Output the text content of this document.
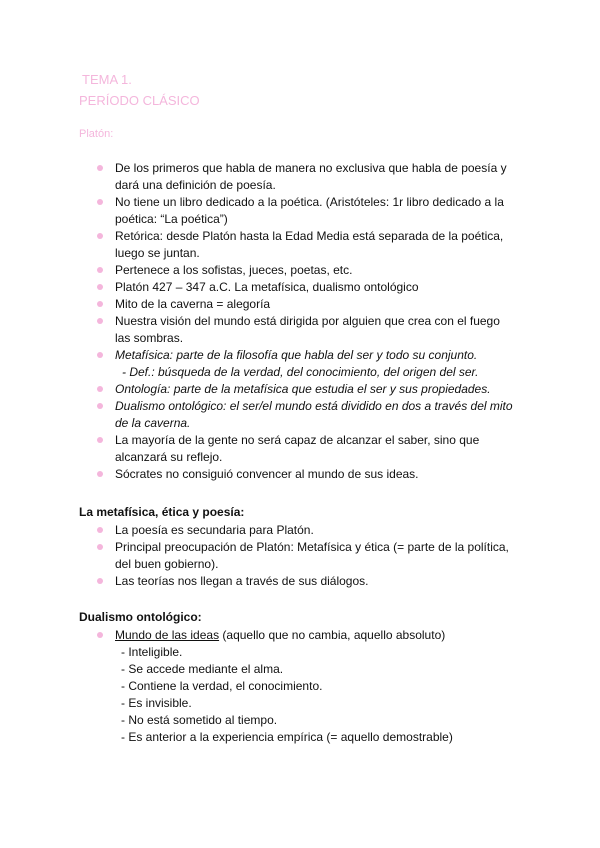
TEMA 1.
PERÍODO CLÁSICO
Platón:
De los primeros que habla de manera no exclusiva que habla de poesía y dará una definición de poesía.
No tiene un libro dedicado a la poética. (Aristóteles: 1r libro dedicado a la poética: “La poética”)
Retórica: desde Platón hasta la Edad Media está separada de la poética, luego se juntan.
Pertenece a los sofistas, jueces, poetas, etc.
Platón 427 – 347 a.C. La metafísica, dualismo ontológico
Mito de la caverna = alegoría
Nuestra visión del mundo está dirigida por alguien que crea con el fuego las sombras.
Metafísica: parte de la filosofía que habla del ser y todo su conjunto.
- Def.: búsqueda de la verdad, del conocimiento, del origen del ser.
Ontología: parte de la metafísica que estudia el ser y sus propiedades.
Dualismo ontológico: el ser/el mundo está dividido en dos a través del mito de la caverna.
La mayoría de la gente no será capaz de alcanzar el saber, sino que alcanzará su reflejo.
Sócrates no consiguió convencer al mundo de sus ideas.
La metafísica, ética y poesía:
La poesía es secundaria para Platón.
Principal preocupación de Platón: Metafísica y ética (= parte de la política, del buen gobierno).
Las teorías nos llegan a través de sus diálogos.
Dualismo ontológico:
Mundo de las ideas (aquello que no cambia, aquello absoluto)
- Inteligible.
- Se accede mediante el alma.
- Contiene la verdad, el conocimiento.
- Es invisible.
- No está sometido al tiempo.
- Es anterior a la experiencia empírica (= aquello demostrable)
